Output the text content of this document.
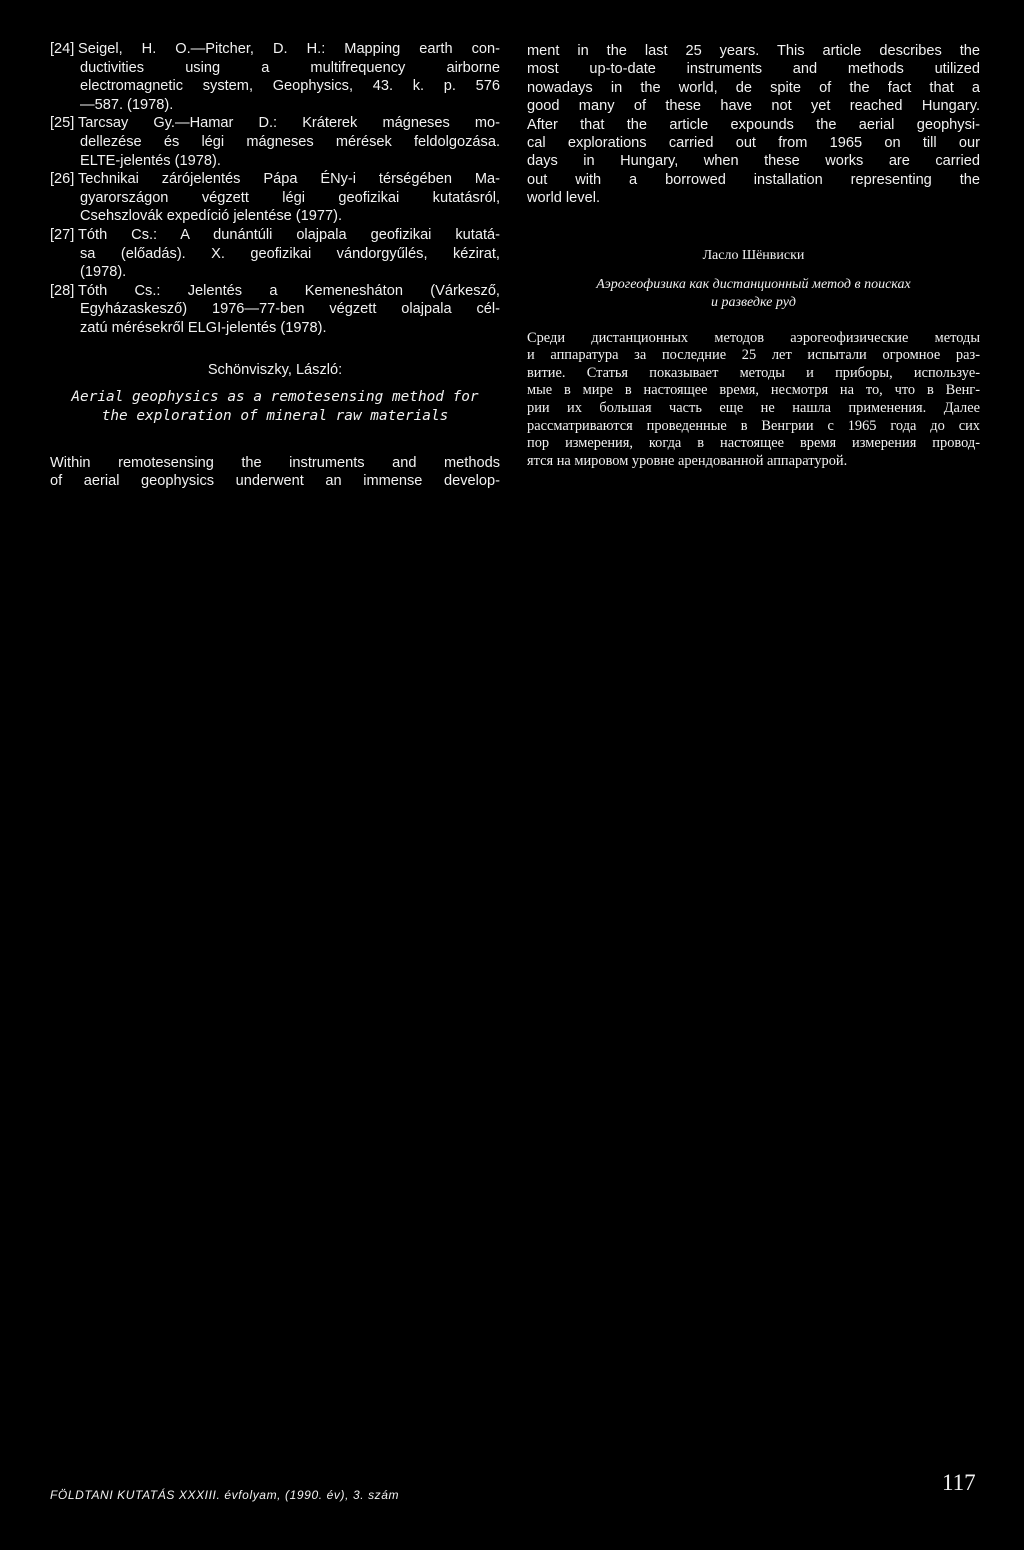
[24] Seigel, H. O.—Pitcher, D. H.: Mapping earth con-
ductivities using a multifrequency airborne
electromagnetic system, Geophysics, 43. k. p. 576
—587. (1978).
[25] Tarcsay Gy.—Hamar D.: Kráterek mágneses mo-
dellezése és légi mágneses mérések feldolgozása.
ELTE-jelentés (1978).
[26] Technikai zárójelentés Pápa ÉNy-i térségében Ma-
gyarországon végzett légi geofizikai kutatásról,
Csehszlovák expedíció jelentése (1977).
[27] Tóth Cs.: A dunántúli olajpala geofizikai kutatá-
sa (előadás). X. geofizikai vándorgyűlés, kézirat,
(1978).
[28] Tóth Cs.: Jelentés a Kemenesháton (Várkesző,
Egyházaskesző) 1976—77-ben végzett olajpala cél-
zatú mérésekről ELGI-jelentés (1978).
Schönviszky, László:

Aerial geophysics as a remotesensing method for
the exploration of mineral raw materials

Within remotesensing the instruments and methods
of aerial geophysics underwent an immense develop-
ment in the last 25 years. This article describes the
most up-to-date instruments and methods utilized
nowadays in the world, de spite of the fact that a
good many of these have not yet reached Hungary.
After that the article expounds the aerial geophysi-
cal explorations carried out from 1965 on till our
days in Hungary, when these works are carried
out with a borrowed installation representing the
world level.
Ласло Шёнвиски

Аэрогеофизика как дистанционный метод в поисках
и разведке руд

Среди дистанционных методов аэрогеофизические методы
и аппаратура за последние 25 лет испытали огромное раз-
витие. Статья показывает методы и приборы, используе-
мые в мире в настоящее время, несмотря на то, что в Венг-
рии их большая часть еще не нашла применения. Далее
рассматриваются проведенные в Венгрии с 1965 года до сих
пор измерения, когда в настоящее время измерения провод-
ятся на мировом уровне арендованной аппаратурой.
FÖLDTANI KUTATÁS XXXIII. évfolyam, (1990. év), 3. szám	117
